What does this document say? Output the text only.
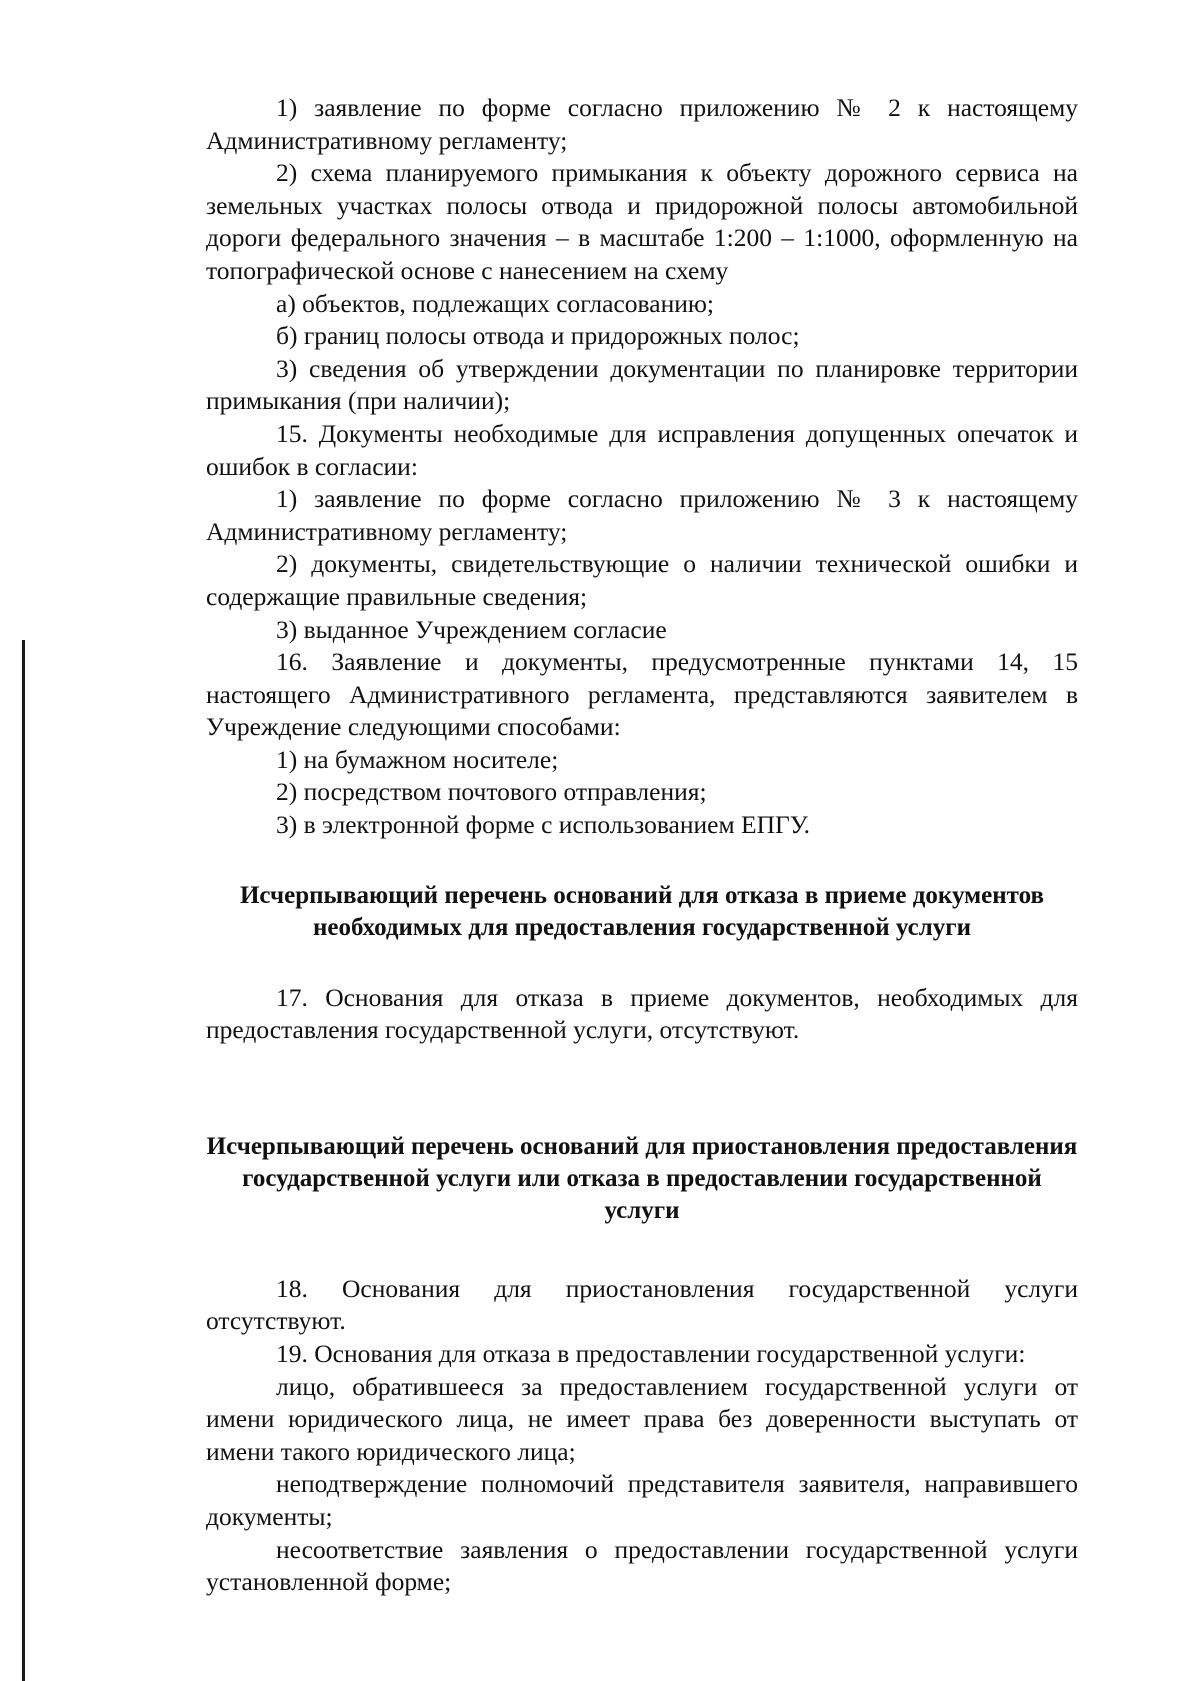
1) заявление по форме согласно приложению № 2 к настоящему Административному регламенту;

2) схема планируемого примыкания к объекту дорожного сервиса на земельных участках полосы отвода и придорожной полосы автомобильной дороги федерального значения – в масштабе 1:200 – 1:1000, оформленную на топографической основе с нанесением на схему

а) объектов, подлежащих согласованию;

б) границ полосы отвода и придорожных полос;

3) сведения об утверждении документации по планировке территории примыкания (при наличии);

15. Документы необходимые для исправления допущенных опечаток и ошибок в согласии:

1) заявление по форме согласно приложению № 3 к настоящему Административному регламенту;

2) документы, свидетельствующие о наличии технической ошибки и содержащие правильные сведения;

3) выданное Учреждением согласие

16. Заявление и документы, предусмотренные пунктами 14, 15 настоящего Административного регламента, представляются заявителем в Учреждение следующими способами:

1) на бумажном носителе;

2) посредством почтового отправления;

3) в электронной форме с использованием ЕПГУ.

Исчерпывающий перечень оснований для отказа в приеме документов необходимых для предоставления государственной услуги

17. Основания для отказа в приеме документов, необходимых для предоставления государственной услуги, отсутствуют.

Исчерпывающий перечень оснований для приостановления предоставления государственной услуги или отказа в предоставлении государственной услуги

18. Основания для приостановления государственной услуги отсутствуют.

19. Основания для отказа в предоставлении государственной услуги:

лицо, обратившееся за предоставлением государственной услуги от имени юридического лица, не имеет права без доверенности выступать от имени такого юридического лица;

неподтверждение полномочий представителя заявителя, направившего документы;

несоответствие заявления о предоставлении государственной услуги установленной форме;
